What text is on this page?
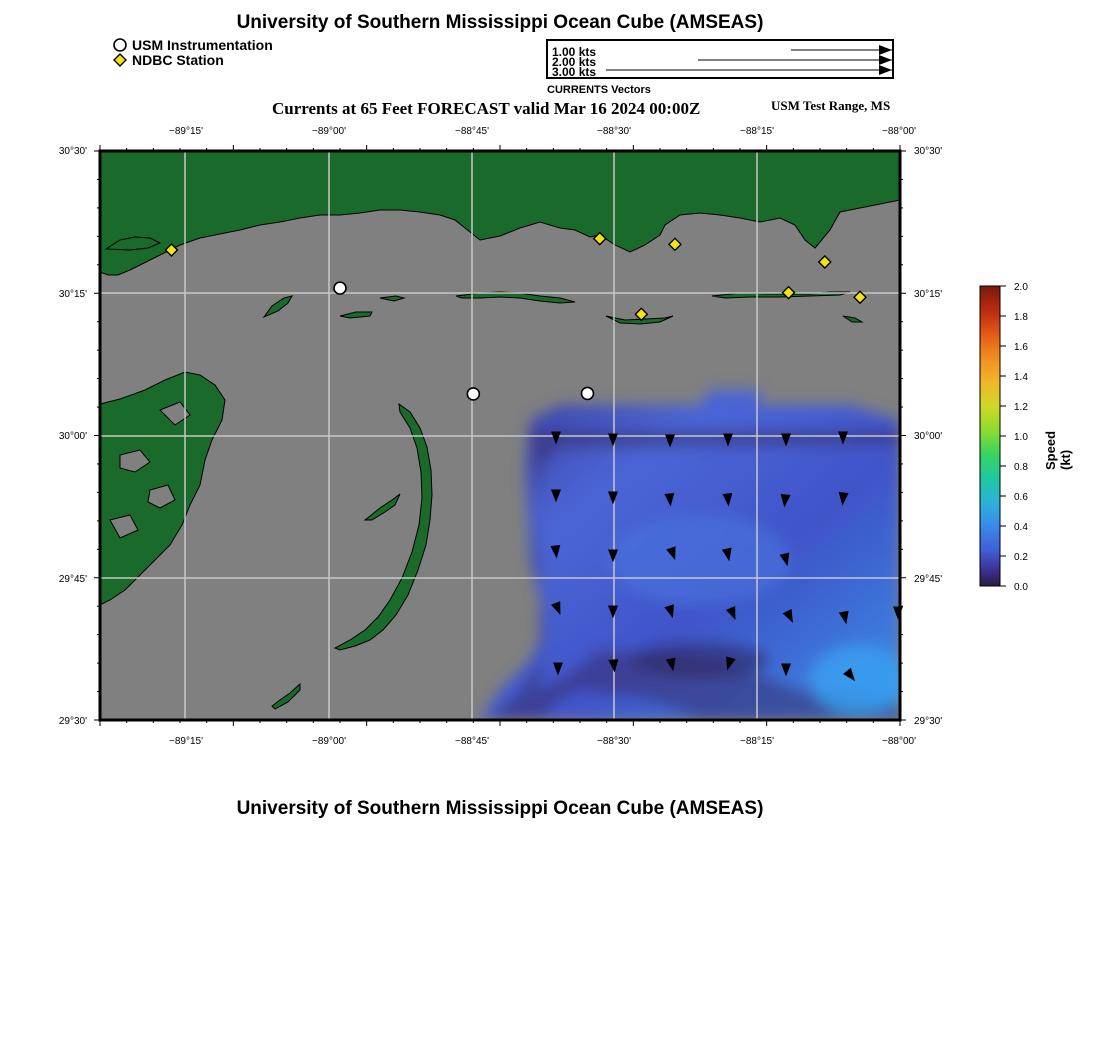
University of Southern Mississippi Ocean Cube (AMSEAS)
USM Instrumentation
NDBC Station	1.00 kts
2.00 kts
3.00 kts
CURRENTS Vectors
Currents at 65 Feet FORECAST valid Mar 16 2024 00:00Z	USM Test Range, MS
−89°15'	−89°00'	−88°45'	−88°30'	−88°15'	−88°00'
−89°15'	−89°00'	−88°45'	−88°30'	−88°15'	−88°00'
30°30'
30°15'
30°00'
29°45'
29°30'
30°30'
30°15'
30°00'
29°45'
29°30'
2.0
1.8
1.6
1.4
1.2
1.0
0.8
0.6
0.4
0.2
0.0
Speed (kt)
University of Southern Mississippi Ocean Cube (AMSEAS)
